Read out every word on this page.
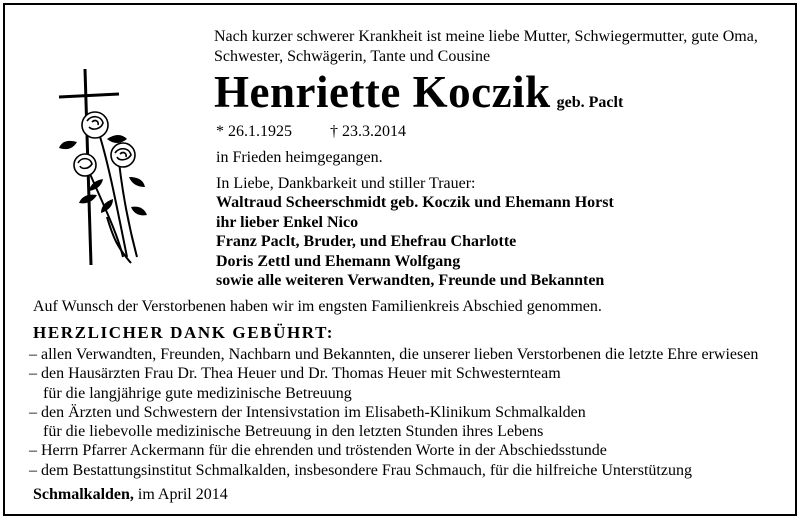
Nach kurzer schwerer Krankheit ist meine liebe Mutter, Schwiegermutter, gute Oma,
Schwester, Schwägerin, Tante und Cousine
Henriette Koczik geb. Paclt
* 26.1.1925 † 23.3.2014
in Frieden heimgegangen.
In Liebe, Dankbarkeit und stiller Trauer:
Waltraud Scheerschmidt geb. Koczik und Ehemann Horst
ihr lieber Enkel Nico
Franz Paclt, Bruder, und Ehefrau Charlotte
Doris Zettl und Ehemann Wolfgang
sowie alle weiteren Verwandten, Freunde und Bekannten
Auf Wunsch der Verstorbenen haben wir im engsten Familienkreis Abschied genommen.
HERZLICHER DANK GEBÜHRT:
– allen Verwandten, Freunden, Nachbarn und Bekannten, die unserer lieben Verstorbenen die letzte Ehre erwiesen
– den Hausärzten Frau Dr. Thea Heuer und Dr. Thomas Heuer mit Schwesternteam
für die langjährige gute medizinische Betreuung
– den Ärzten und Schwestern der Intensivstation im Elisabeth-Klinikum Schmalkalden
für die liebevolle medizinische Betreuung in den letzten Stunden ihres Lebens
– Herrn Pfarrer Ackermann für die ehrenden und tröstenden Worte in der Abschiedsstunde
– dem Bestattungsinstitut Schmalkalden, insbesondere Frau Schmauch, für die hilfreiche Unterstützung
Schmalkalden, im April 2014
